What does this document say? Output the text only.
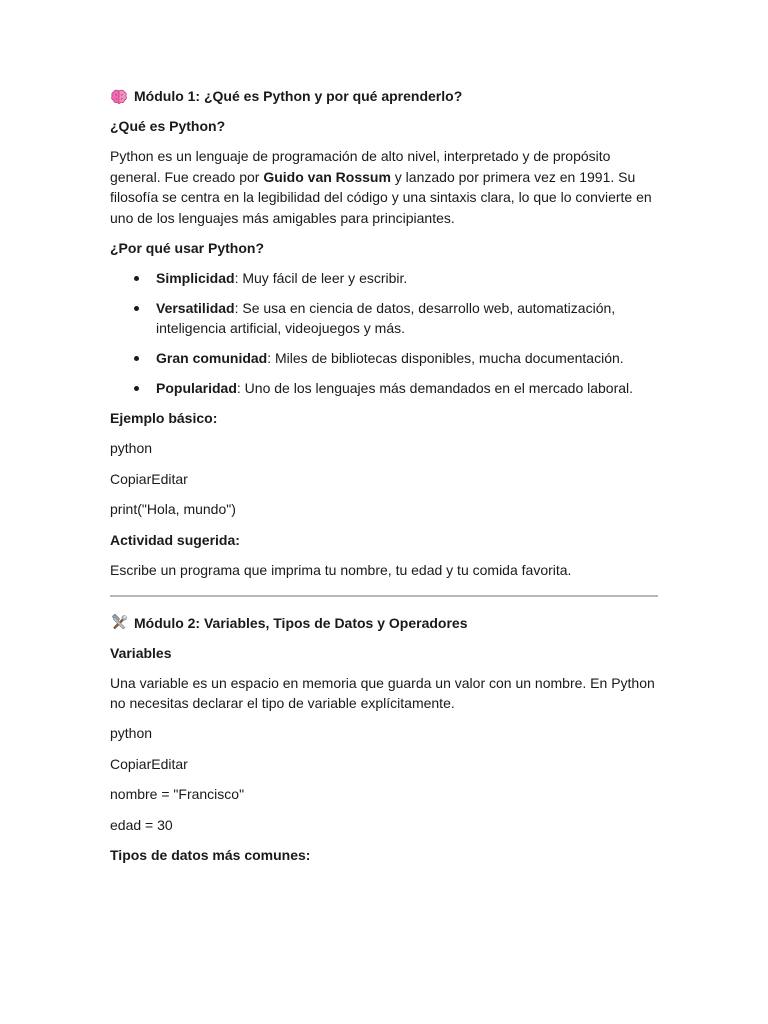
Módulo 1: ¿Qué es Python y por qué aprenderlo?
¿Qué es Python?

Python es un lenguaje de programación de alto nivel, interpretado y de propósito general. Fue creado por Guido van Rossum y lanzado por primera vez en 1991. Su filosofía se centra en la legibilidad del código y una sintaxis clara, lo que lo convierte en uno de los lenguajes más amigables para principiantes.

¿Por qué usar Python?
Simplicidad: Muy fácil de leer y escribir.
Versatilidad: Se usa en ciencia de datos, desarrollo web, automatización, inteligencia artificial, videojuegos y más.
Gran comunidad: Miles de bibliotecas disponibles, mucha documentación.
Popularidad: Uno de los lenguajes más demandados en el mercado laboral.
Ejemplo básico:

python

CopiarEditar

print("Hola, mundo")

Actividad sugerida:

Escribe un programa que imprima tu nombre, tu edad y tu comida favorita.

Módulo 2: Variables, Tipos de Datos y Operadores
Variables

Una variable es un espacio en memoria que guarda un valor con un nombre. En Python no necesitas declarar el tipo de variable explícitamente.

python

CopiarEditar

nombre = "Francisco"

edad = 30

Tipos de datos más comunes:
